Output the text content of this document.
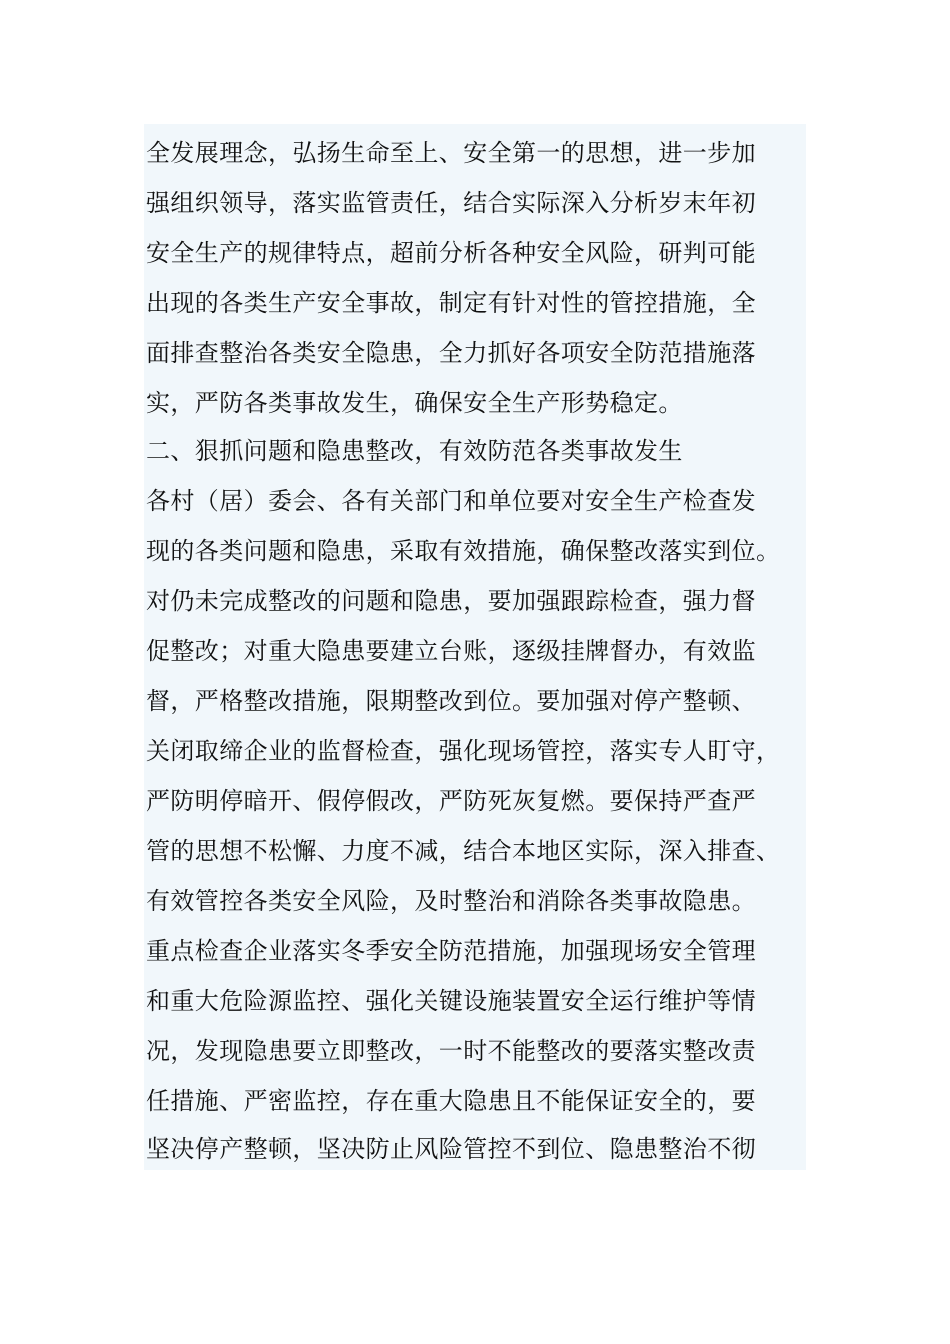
全发展理念，弘扬生命至上、安全第一的思想，进一步加
强组织领导，落实监管责任，结合实际深入分析岁末年初
安全生产的规律特点，超前分析各种安全风险，研判可能
出现的各类生产安全事故，制定有针对性的管控措施，全
面排查整治各类安全隐患，全力抓好各项安全防范措施落
实，严防各类事故发生，确保安全生产形势稳定。
二、狠抓问题和隐患整改，有效防范各类事故发生
各村（居）委会、各有关部门和单位要对安全生产检查发
现的各类问题和隐患，采取有效措施，确保整改落实到位。
对仍未完成整改的问题和隐患，要加强跟踪检查，强力督
促整改；对重大隐患要建立台账，逐级挂牌督办，有效监
督，严格整改措施，限期整改到位。要加强对停产整顿、
关闭取缔企业的监督检查，强化现场管控，落实专人盯守，
严防明停暗开、假停假改，严防死灰复燃。要保持严查严
管的思想不松懈、力度不减，结合本地区实际，深入排查、
有效管控各类安全风险，及时整治和消除各类事故隐患。
重点检查企业落实冬季安全防范措施，加强现场安全管理
和重大危险源监控、强化关键设施装置安全运行维护等情
况，发现隐患要立即整改，一时不能整改的要落实整改责
任措施、严密监控，存在重大隐患且不能保证安全的，要
坚决停产整顿，坚决防止风险管控不到位、隐患整治不彻
